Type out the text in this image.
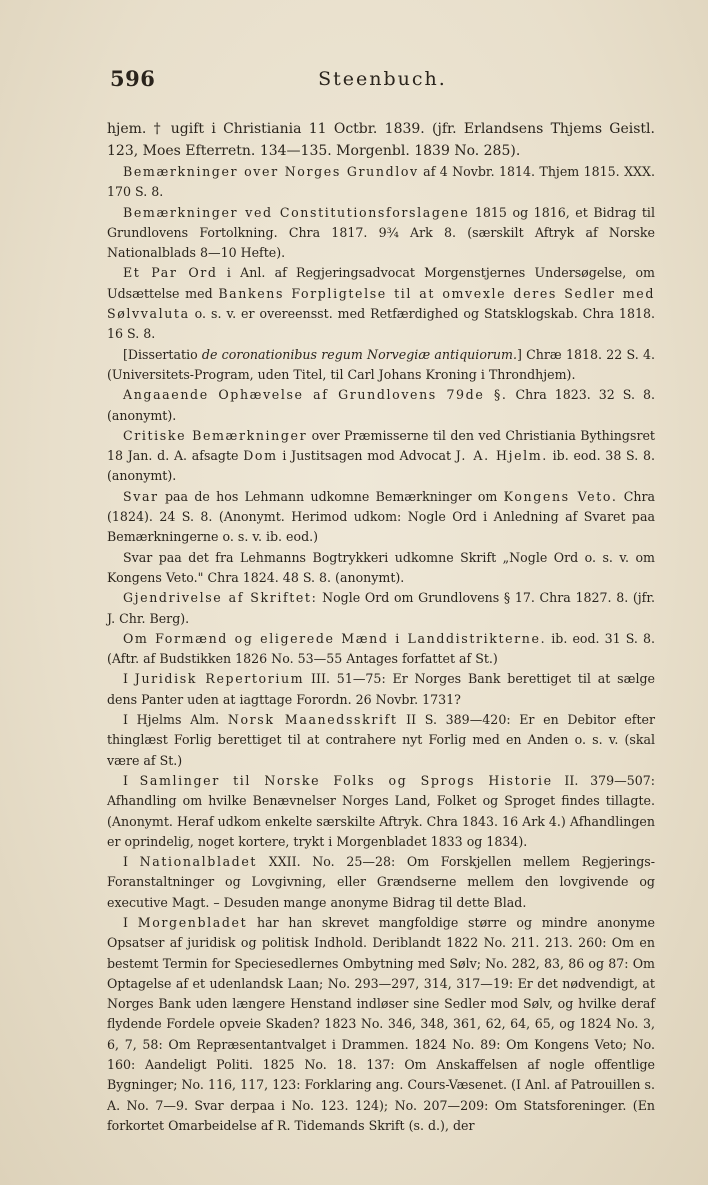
596	Steenbuch.

hjem. † ugift i Christiania 11 Octbr. 1839. (jfr. Erlandsens Thjems Geistl. 123, Moes Efterretn. 134—135. Morgenbl. 1839 No. 285).

Bemærkninger over Norges Grundlov af 4 Novbr. 1814. Thjem 1815. XXX. 170 S. 8.

Bemærkninger ved Constitutionsforslagene 1815 og 1816, et Bidrag til Grundlovens Fortolkning. Chra 1817. 9¾ Ark 8. (særskilt Aftryk af Norske Nationalblads 8—10 Hefte).

Et Par Ord i Anl. af Regjeringsadvocat Morgenstjernes Undersøgelse, om Udsættelse med Bankens Forpligtelse til at omvexle deres Sedler med Sølvvaluta o. s. v. er overeensst. med Retfærdighed og Statsklogskab. Chra 1818. 16 S. 8.

[Dissertatio de coronationibus regum Norvegiæ antiquiorum.] Chræ 1818. 22 S. 4. (Universitets-Program, uden Titel, til Carl Johans Kroning i Throndhjem).

Angaaende Ophævelse af Grundlovens 79de §. Chra 1823. 32 S. 8. (anonymt).

Critiske Bemærkninger over Præmisserne til den ved Christiania Bythingsret 18 Jan. d. A. afsagte Dom i Justitsagen mod Advocat J. A. Hjelm. ib. eod. 38 S. 8. (anonymt).

Svar paa de hos Lehmann udkomne Bemærkninger om Kongens Veto. Chra (1824). 24 S. 8. (Anonymt. Herimod udkom: Nogle Ord i Anledning af Svaret paa Bemærkningerne o. s. v. ib. eod.)

Svar paa det fra Lehmanns Bogtrykkeri udkomne Skrift „Nogle Ord o. s. v. om Kongens Veto." Chra 1824. 48 S. 8. (anonymt).

Gjendrivelse af Skriftet: Nogle Ord om Grundlovens § 17. Chra 1827. 8. (jfr. J. Chr. Berg).

Om Formænd og eligerede Mænd i Landdistrikterne. ib. eod. 31 S. 8. (Aftr. af Budstikken 1826 No. 53—55 Antages forfattet af St.)

I Juridisk Repertorium III. 51—75: Er Norges Bank berettiget til at sælge dens Panter uden at iagttage Forordn. 26 Novbr. 1731?

I Hjelms Alm. Norsk Maanedsskrift II S. 389—420: Er en Debitor efter thinglæst Forlig berettiget til at contrahere nyt Forlig med en Anden o. s. v. (skal være af St.)

I Samlinger til Norske Folks og Sprogs Historie II. 379—507: Afhandling om hvilke Benævnelser Norges Land, Folket og Sproget findes tillagte. (Anonymt. Heraf udkom enkelte særskilte Aftryk. Chra 1843. 16 Ark 4.) Afhandlingen er oprindelig, noget kortere, trykt i Morgenbladet 1833 og 1834).

I Nationalbladet XXII. No. 25—28: Om Forskjellen mellem Regjerings-Foranstaltninger og Lovgivning, eller Grændserne mellem den lovgivende og executive Magt. – Desuden mange anonyme Bidrag til dette Blad.

I Morgenbladet har han skrevet mangfoldige større og mindre anonyme Opsatser af juridisk og politisk Indhold. Deriblandt 1822 No. 211. 213. 260: Om en bestemt Termin for Speciesedlernes Ombytning med Sølv; No. 282, 83, 86 og 87: Om Optagelse af et udenlandsk Laan; No. 293—297, 314, 317—19: Er det nødvendigt, at Norges Bank uden længere Henstand indløser sine Sedler mod Sølv, og hvilke deraf flydende Fordele opveie Skaden? 1823 No. 346, 348, 361, 62, 64, 65, og 1824 No. 3, 6, 7, 58: Om Repræsentantvalget i Drammen. 1824 No. 89: Om Kongens Veto; No. 160: Aandeligt Politi. 1825 No. 18. 137: Om Anskaffelsen af nogle offentlige Bygninger; No. 116, 117, 123: Forklaring ang. Cours-Væsenet. (I Anl. af Patrouillen s. A. No. 7—9. Svar derpaa i No. 123. 124); No. 207—209: Om Statsforeninger. (En forkortet Omarbeidelse af R. Tidemands Skrift (s. d.), der
